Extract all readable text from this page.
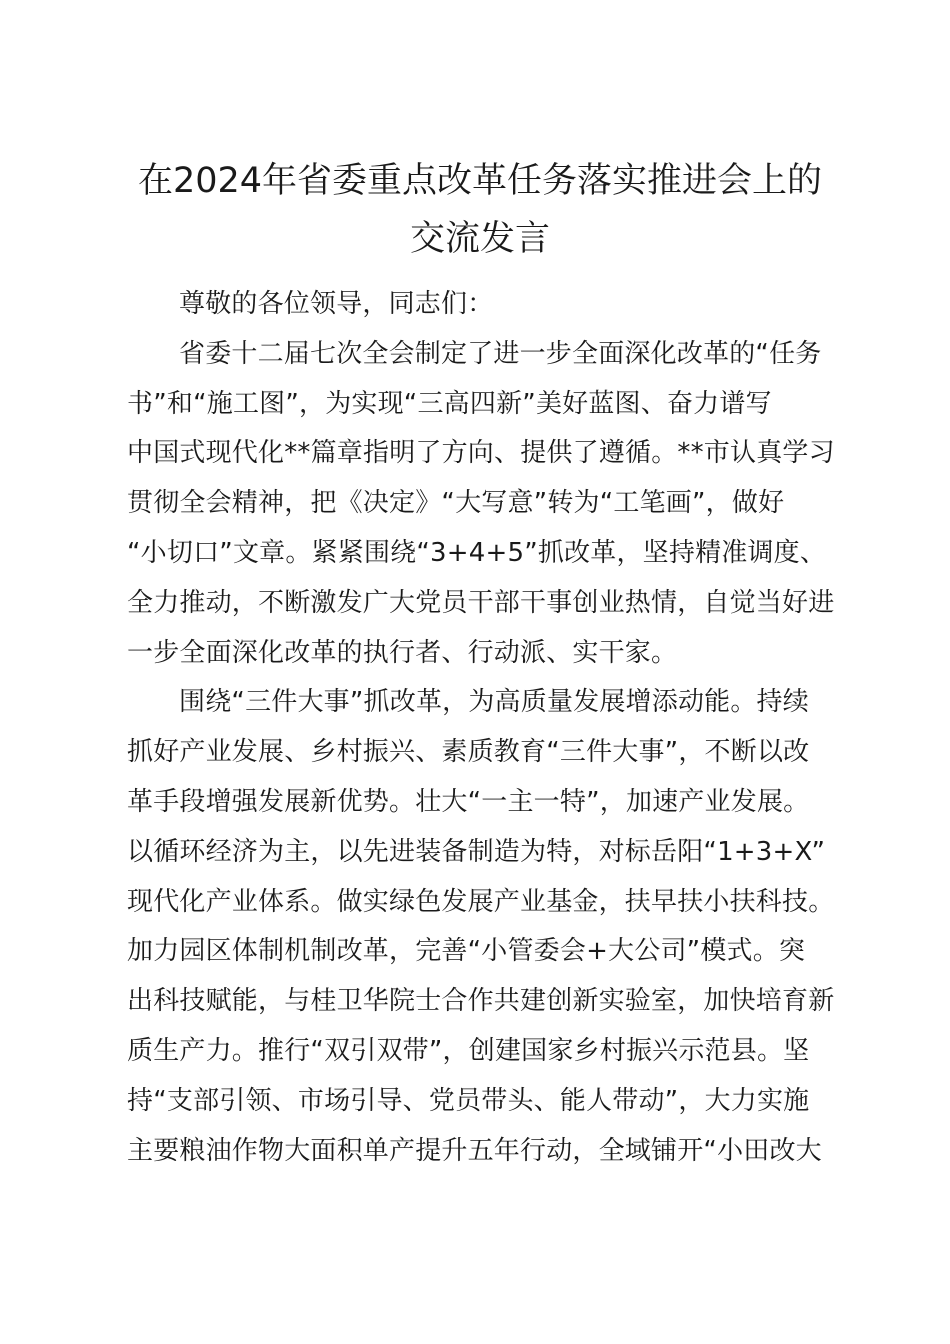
在2024年省委重点改革任务落实推进会上的
交流发言
尊敬的各位领导，同志们：
省委十二届七次全会制定了进一步全面深化改革的“任务
书”和“施工图”，为实现“三高四新”美好蓝图、奋力谱写
中国式现代化**篇章指明了方向、提供了遵循。**市认真学习
贯彻全会精神，把《决定》“大写意”转为“工笔画”，做好
“小切口”文章。紧紧围绕“3+4+5”抓改革，坚持精准调度、
全力推动，不断激发广大党员干部干事创业热情，自觉当好进
一步全面深化改革的执行者、行动派、实干家。
围绕“三件大事”抓改革，为高质量发展增添动能。持续
抓好产业发展、乡村振兴、素质教育“三件大事”，不断以改
革手段增强发展新优势。壮大“一主一特”，加速产业发展。
以循环经济为主，以先进装备制造为特，对标岳阳“1+3+X”
现代化产业体系。做实绿色发展产业基金，扶早扶小扶科技。
加力园区体制机制改革，完善“小管委会+大公司”模式。突
出科技赋能，与桂卫华院士合作共建创新实验室，加快培育新
质生产力。推行“双引双带”，创建国家乡村振兴示范县。坚
持“支部引领、市场引导、党员带头、能人带动”，大力实施
主要粮油作物大面积单产提升五年行动，全域铺开“小田改大
